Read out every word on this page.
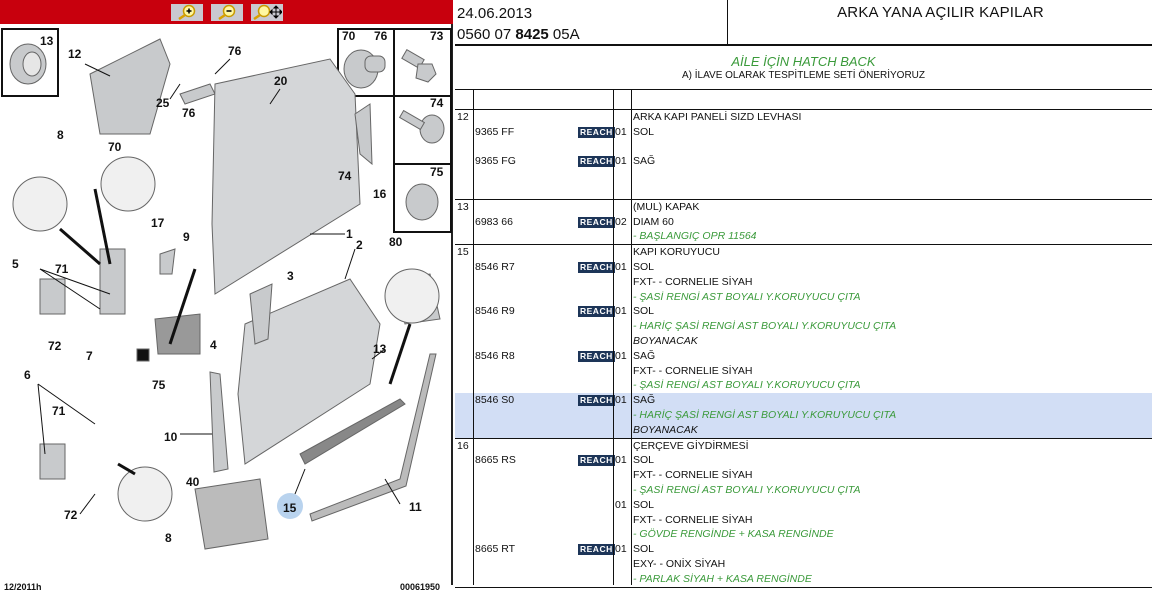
13
12	76
25
76
20
70 76	73
74
75
8
70
74
16
17
9	1
2 80
5	71	3
72	4
7	13
75
6
71
10
40
72	15	11
8
12/2011h	00061950
24.06.2013
0560 07 8425 05A
ARKA YANA AÇILIR KAPILAR
AİLE İÇİN HATCH BACK
A) İLAVE OLARAK TESPİTLEME SETİ ÖNERİYORUZ
12	ARKA KAPI PANELİ SIZD LEVHASI
9365 FF	REACH 01 SOL
9365 FG	REACH 01 SAĞ
13	(MUL) KAPAK
6983 66	REACH 02 DIAM 60
- BAŞLANGIÇ OPR 11564
15	KAPI KORUYUCU
8546 R7	REACH 01 SOL
FXT- - CORNELIE SİYAH
- ŞASİ RENGİ AST BOYALI Y.KORUYUCU ÇITA
8546 R9	REACH 01 SOL
- HARİÇ ŞASİ RENGİ AST BOYALI Y.KORUYUCU ÇITA
BOYANACAK
8546 R8	REACH 01 SAĞ
FXT- - CORNELIE SİYAH
- ŞASİ RENGİ AST BOYALI Y.KORUYUCU ÇITA
8546 S0	REACH 01 SAĞ
- HARİÇ ŞASİ RENGİ AST BOYALI Y.KORUYUCU ÇITA
BOYANACAK
16	ÇERÇEVE GİYDİRMESİ
8665 RS	REACH 01 SOL
FXT- - CORNELIE SİYAH
- ŞASİ RENGİ AST BOYALI Y.KORUYUCU ÇITA
01 SOL
FXT- - CORNELIE SİYAH
- GÖVDE RENGİNDE + KASA RENGİNDE
8665 RT	REACH 01 SOL
EXY- - ONİX SİYAH
- PARLAK SİYAH + KASA RENGİNDE
